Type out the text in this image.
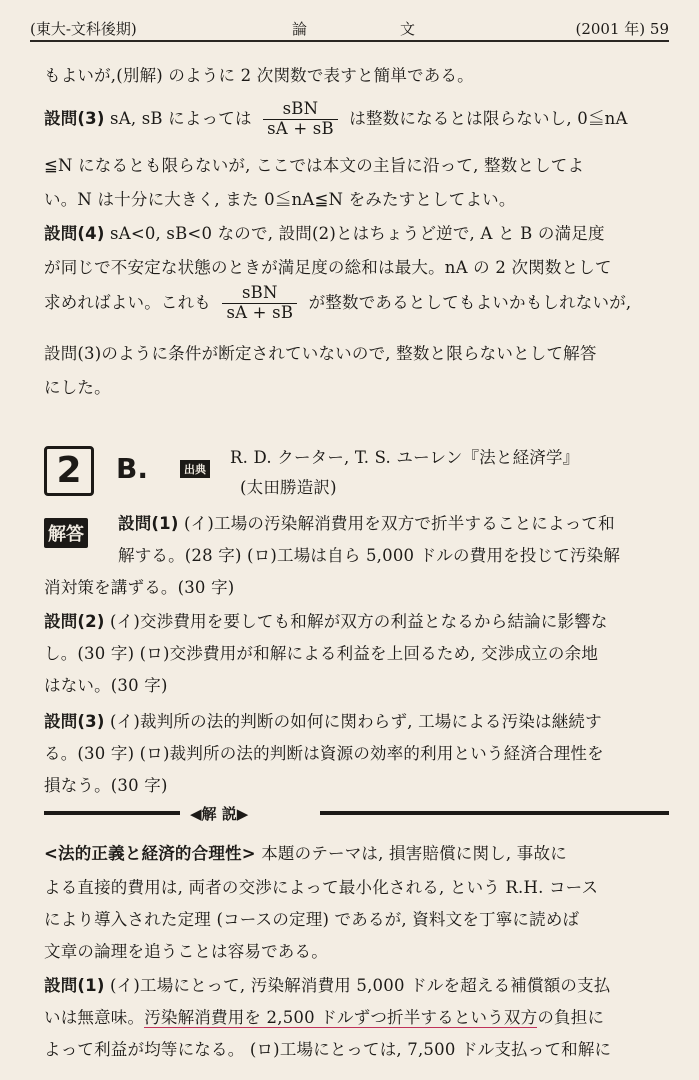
(東大-文科後期)	論	文	(2001 年) 59
もよいが,(別解) のように 2 次関数で表すと簡単である。
設問(3) sA, sB によっては $\frac{\text{sBN}}{sA + sB}$ は整数になるとは限らないし, 0≦nA
≦N になるとも限らないが, ここでは本文の主旨に沿って, 整数としてよ
い。N は十分に大きく, また 0≦nA≦N をみたすとしてよい。
設問(4) sA<0, sB<0 なので, 設問(2)とはちょうど逆で, A と B の満足度
が同じで不安定な状態のときが満足度の総和は最大。nA の 2 次関数として
求めればよい。これも $\frac{\text{sBN}}{sA + sB}$ が整数であるとしてもよいかもしれないが,
設問(3)のように条件が断定されていないので, 整数と限らないとして解答
にした。
2	B.	出典
R. D. クーター, T. S. ユーレン『法と経済学』
(太田勝造訳)
解答
設問(1) (イ)工場の汚染解消費用を双方で折半することによって和
解する。(28 字) (ロ)工場は自ら 5,000 ドルの費用を投じて汚染解
消対策を講ずる。(30 字)
設問(2) (イ)交渉費用を要しても和解が双方の利益となるから結論に影響な
し。(30 字) (ロ)交渉費用が和解による利益を上回るため, 交渉成立の余地
はない。(30 字)
設問(3) (イ)裁判所の法的判断の如何に関わらず, 工場による汚染は継続す
る。(30 字) (ロ)裁判所の法的判断は資源の効率的利用という経済合理性を
損なう。(30 字)
◀解 説▶
<法的正義と経済的合理性> 本題のテーマは, 損害賠償に関し, 事故に
よる直接的費用は, 両者の交渉によって最小化される, という R.H. コース
により導入された定理 (コースの定理) であるが, 資料文を丁寧に読めば
文章の論理を追うことは容易である。
設問(1) (イ)工場にとって, 汚染解消費用 5,000 ドルを超える補償額の支払
いは無意味。汚染解消費用を 2,500 ドルずつ折半するという双方の負担に
よって利益が均等になる。 (ロ)工場にとっては, 7,500 ドル支払って和解に
